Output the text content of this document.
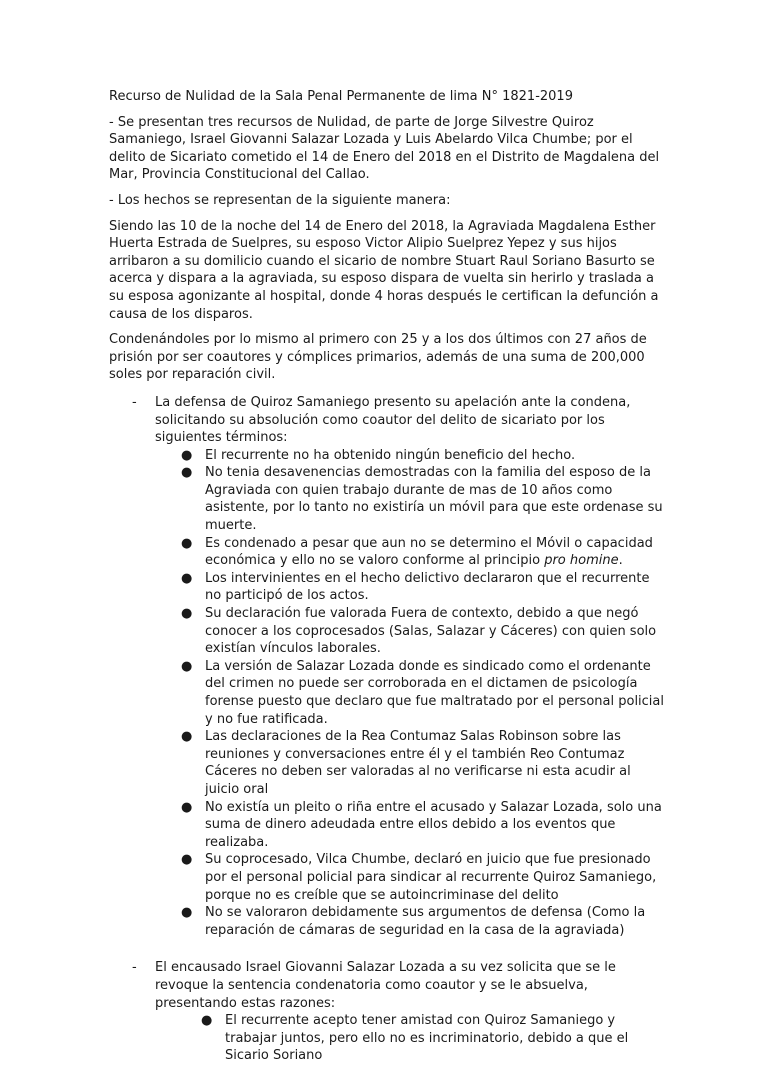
Recurso de Nulidad de la Sala Penal Permanente de lima N° 1821-2019

- Se presentan tres recursos de Nulidad, de parte de Jorge Silvestre Quiroz Samaniego, Israel Giovanni Salazar Lozada y Luis Abelardo Vilca Chumbe; por el delito de Sicariato cometido el 14 de Enero del 2018 en el Distrito de Magdalena del Mar, Provincia Constitucional del Callao.

- Los hechos se representan de la siguiente manera:

Siendo las 10 de la noche del 14 de Enero del 2018, la Agraviada Magdalena Esther Huerta Estrada de Suelpres, su esposo Victor Alipio Suelprez Yepez y sus hijos arribaron a su domilicio cuando el sicario de nombre Stuart Raul Soriano Basurto se acerca y dispara a la agraviada, su esposo dispara de vuelta sin herirlo y traslada a su esposa agonizante al hospital, donde 4 horas después le certifican la defunción a causa de los disparos.

Condenándoles por lo mismo al primero con 25 y a los dos últimos con 27 años de prisión por ser coautores y cómplices primarios, además de una suma de 200,000 soles por reparación civil.

- La defensa de Quiroz Samaniego presento su apelación ante la condena, solicitando su absolución como coautor del delito de sicariato por los siguientes términos:

● El recurrente no ha obtenido ningún beneficio del hecho.
● No tenia desavenencias demostradas con la familia del esposo de la Agraviada con quien trabajo durante de mas de 10 años como asistente, por lo tanto no existiría un móvil para que este ordenase su muerte.
● Es condenado a pesar que aun no se determino el Móvil o capacidad económica y ello no se valoro conforme al principio pro homine.
● Los intervinientes en el hecho delictivo declararon que el recurrente no participó de los actos.
● Su declaración fue valorada Fuera de contexto, debido a que negó conocer a los coprocesados (Salas, Salazar y Cáceres) con quien solo existían vínculos laborales.
● La versión de Salazar Lozada donde es sindicado como el ordenante del crimen no puede ser corroborada en el dictamen de psicología forense puesto que declaro que fue maltratado por el personal policial y no fue ratificada.
● Las declaraciones de la Rea Contumaz Salas Robinson sobre las reuniones y conversaciones entre él y el también Reo Contumaz Cáceres no deben ser valoradas al no verificarse ni esta acudir al juicio oral
● No existía un pleito o riña entre el acusado y Salazar Lozada, solo una suma de dinero adeudada entre ellos debido a los eventos que realizaba.
● Su coprocesado, Vilca Chumbe, declaró en juicio que fue presionado por el personal policial para sindicar al recurrente Quiroz Samaniego, porque no es creíble que se autoincriminase del delito
● No se valoraron debidamente sus argumentos de defensa (Como la reparación de cámaras de seguridad en la casa de la agraviada)
- El encausado Israel Giovanni Salazar Lozada a su vez solicita que se le revoque la sentencia condenatoria como coautor y se le absuelva, presentando estas razones:

● El recurrente acepto tener amistad con Quiroz Samaniego y trabajar juntos, pero ello no es incriminatorio, debido a que el Sicario Soriano
